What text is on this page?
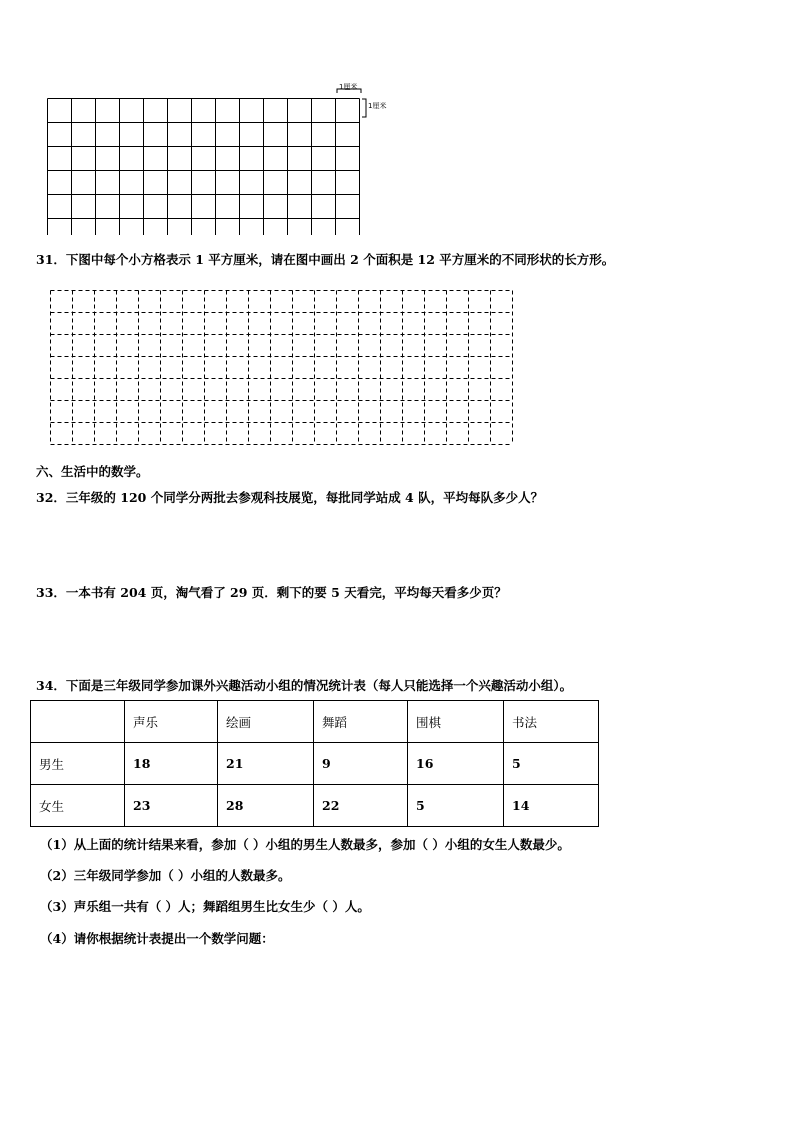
1厘米
1厘米
31．下图中每个小方格表示 1 平方厘米，请在图中画出 2 个面积是 12 平方厘米的不同形状的长方形。
六、生活中的数学。
32．三年级的 120 个同学分两批去参观科技展览，每批同学站成 4 队，平均每队多少人？
33．一本书有 204 页，淘气看了 29 页．剩下的要 5 天看完，平均每天看多少页？
34．下面是三年级同学参加课外兴趣活动小组的情况统计表（每人只能选择一个兴趣活动小组）。
	声乐	绘画	舞蹈	围棋	书法
男生	18	21	9	16	5
女生	23	28	22	5	14
（1）从上面的统计结果来看，参加（ ）小组的男生人数最多，参加（ ）小组的女生人数最少。
（2）三年级同学参加（ ）小组的人数最多。
（3）声乐组一共有（ ）人；舞蹈组男生比女生少（ ）人。
（4）请你根据统计表提出一个数学问题：
